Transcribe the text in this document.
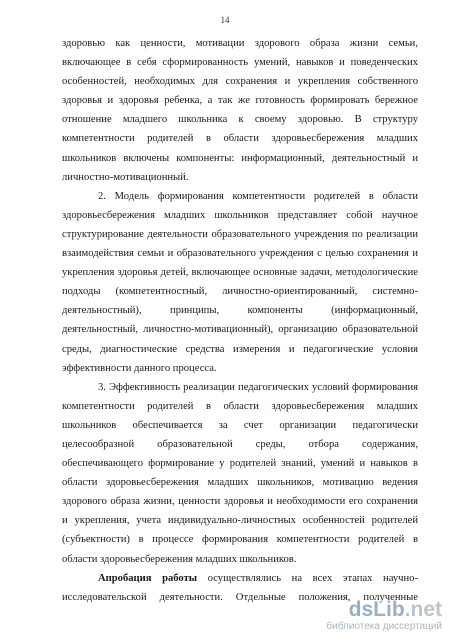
14
здоровью как ценности, мотивации здорового образа жизни семьи,
включающее в себя сформированность умений, навыков и поведенческих
особенностей, необходимых для сохранения и укрепления собственного
здоровья и здоровья ребенка, а так же готовность формировать бережное
отношение младшего школьника к своему здоровью. В структуру
компетентности родителей в области здоровьесбережения младших
школьников включены компоненты: информационный, деятельностный и
личностно-мотивационный.
2. Модель формирования компетентности родителей в области
здоровьесбережения младших школьников представляет собой научное
структурирование деятельности образовательного учреждения по реализации
взаимодействия семьи и образовательного учреждения с целью сохранения и
укрепления здоровья детей, включающее основные задачи, методологические
подходы (компетентностный, личностно-ориентированный, системно-
деятельностный), принципы, компоненты (информационный,
деятельностный, личностно-мотивационный), организацию образовательной
среды, диагностические средства измерения и педагогические условия
эффективности данного процесса.
3. Эффективность реализации педагогических условий формирования
компетентности родителей в области здоровьесбережения младших
школьников обеспечивается за счет организации педагогически
целесообразной образовательной среды, отбора содержания,
обеспечивающего формирование у родителей знаний, умений и навыков в
области здоровьесбережения младших школьников, мотивацию ведения
здорового образа жизни, ценности здоровья и необходимости его сохранения
и укрепления, учета индивидуально-личностных особенностей родителей
(субъектности) в процессе формирования компетентности родителей в
области здоровьесбережения младших школьников.
Апробация работы осуществлялись на всех этапах научно-
исследовательской деятельности. Отдельные положения, полученные
dsLib.net
библиотека диссертаций
